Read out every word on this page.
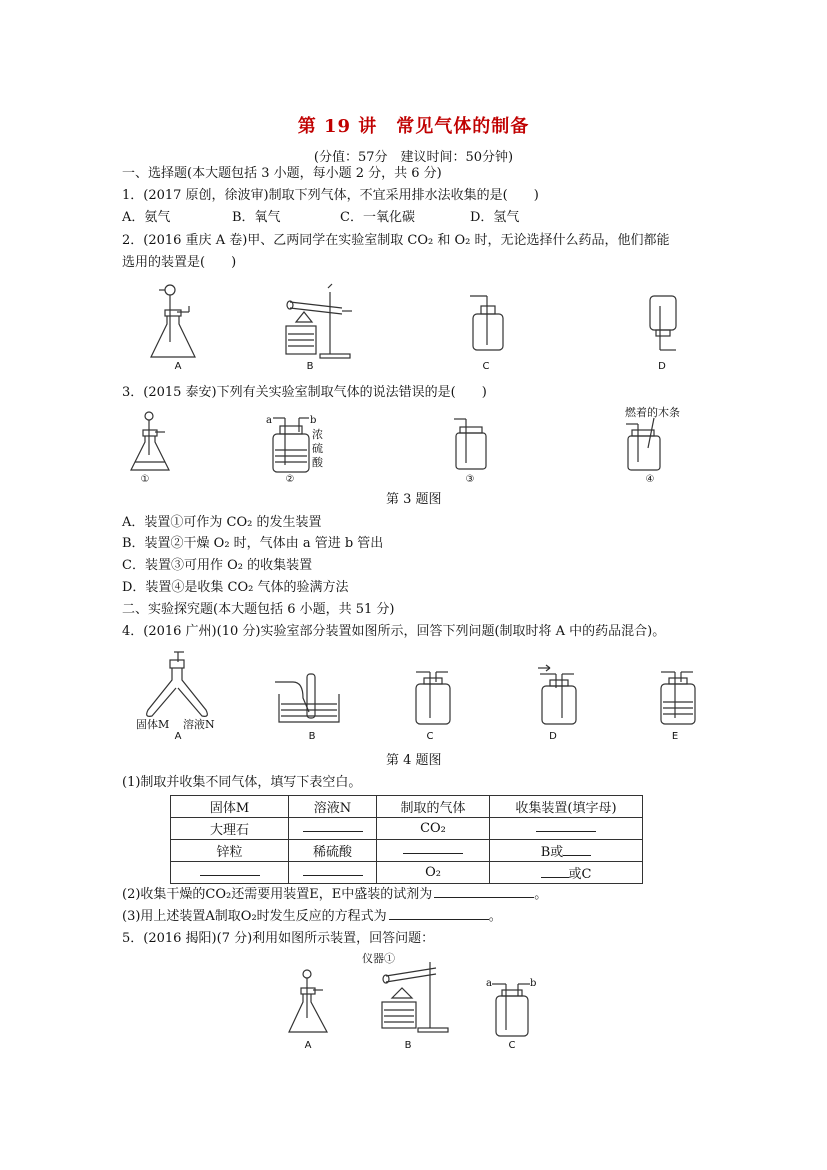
第 19 讲　常见气体的制备
(分值：57分　建议时间：50分钟)
一、选择题(本大题包括 3 小题，每小题 2 分，共 6 分)
1．(2017 原创，徐波审)制取下列气体，不宜采用排水法收集的是(　　)
A．氨气	B．氧气	C．一氧化碳	D．氢气
2．(2016 重庆 A 卷)甲、乙两同学在实验室制取 CO₂ 和 O₂ 时，无论选择什么药品，他们都能
选用的装置是(　　)
A	B	C	D
3．(2015 泰安)下列有关实验室制取气体的说法错误的是(　　)
①
a	b
浓
硫
酸
②	③
燃着的木条
④
第 3 题图
A．装置①可作为 CO₂ 的发生装置
B．装置②干燥 O₂ 时，气体由 a 管进 b 管出
C．装置③可用作 O₂ 的收集装置
D．装置④是收集 CO₂ 气体的验满方法
二、实验探究题(本大题包括 6 小题，共 51 分)
4．(2016 广州)(10 分)实验室部分装置如图所示，回答下列问题(制取时将 A 中的药品混合)。
固体M 溶液N
A	B	C	D	E
第 4 题图
(1)制取并收集不同气体，填写下表空白。
固体M	溶液N	制取的气体	收集装置(填字母)
大理石		CO₂	
锌粒	稀硫酸		B或
		O₂	或C
(2)收集干燥的CO₂还需要用装置E，E中盛装的试剂为	。
(3)用上述装置A制取O₂时发生反应的方程式为	。
5．(2016 揭阳)(7 分)利用如图所示装置，回答问题：
A
仪器①
B
a	b
C
